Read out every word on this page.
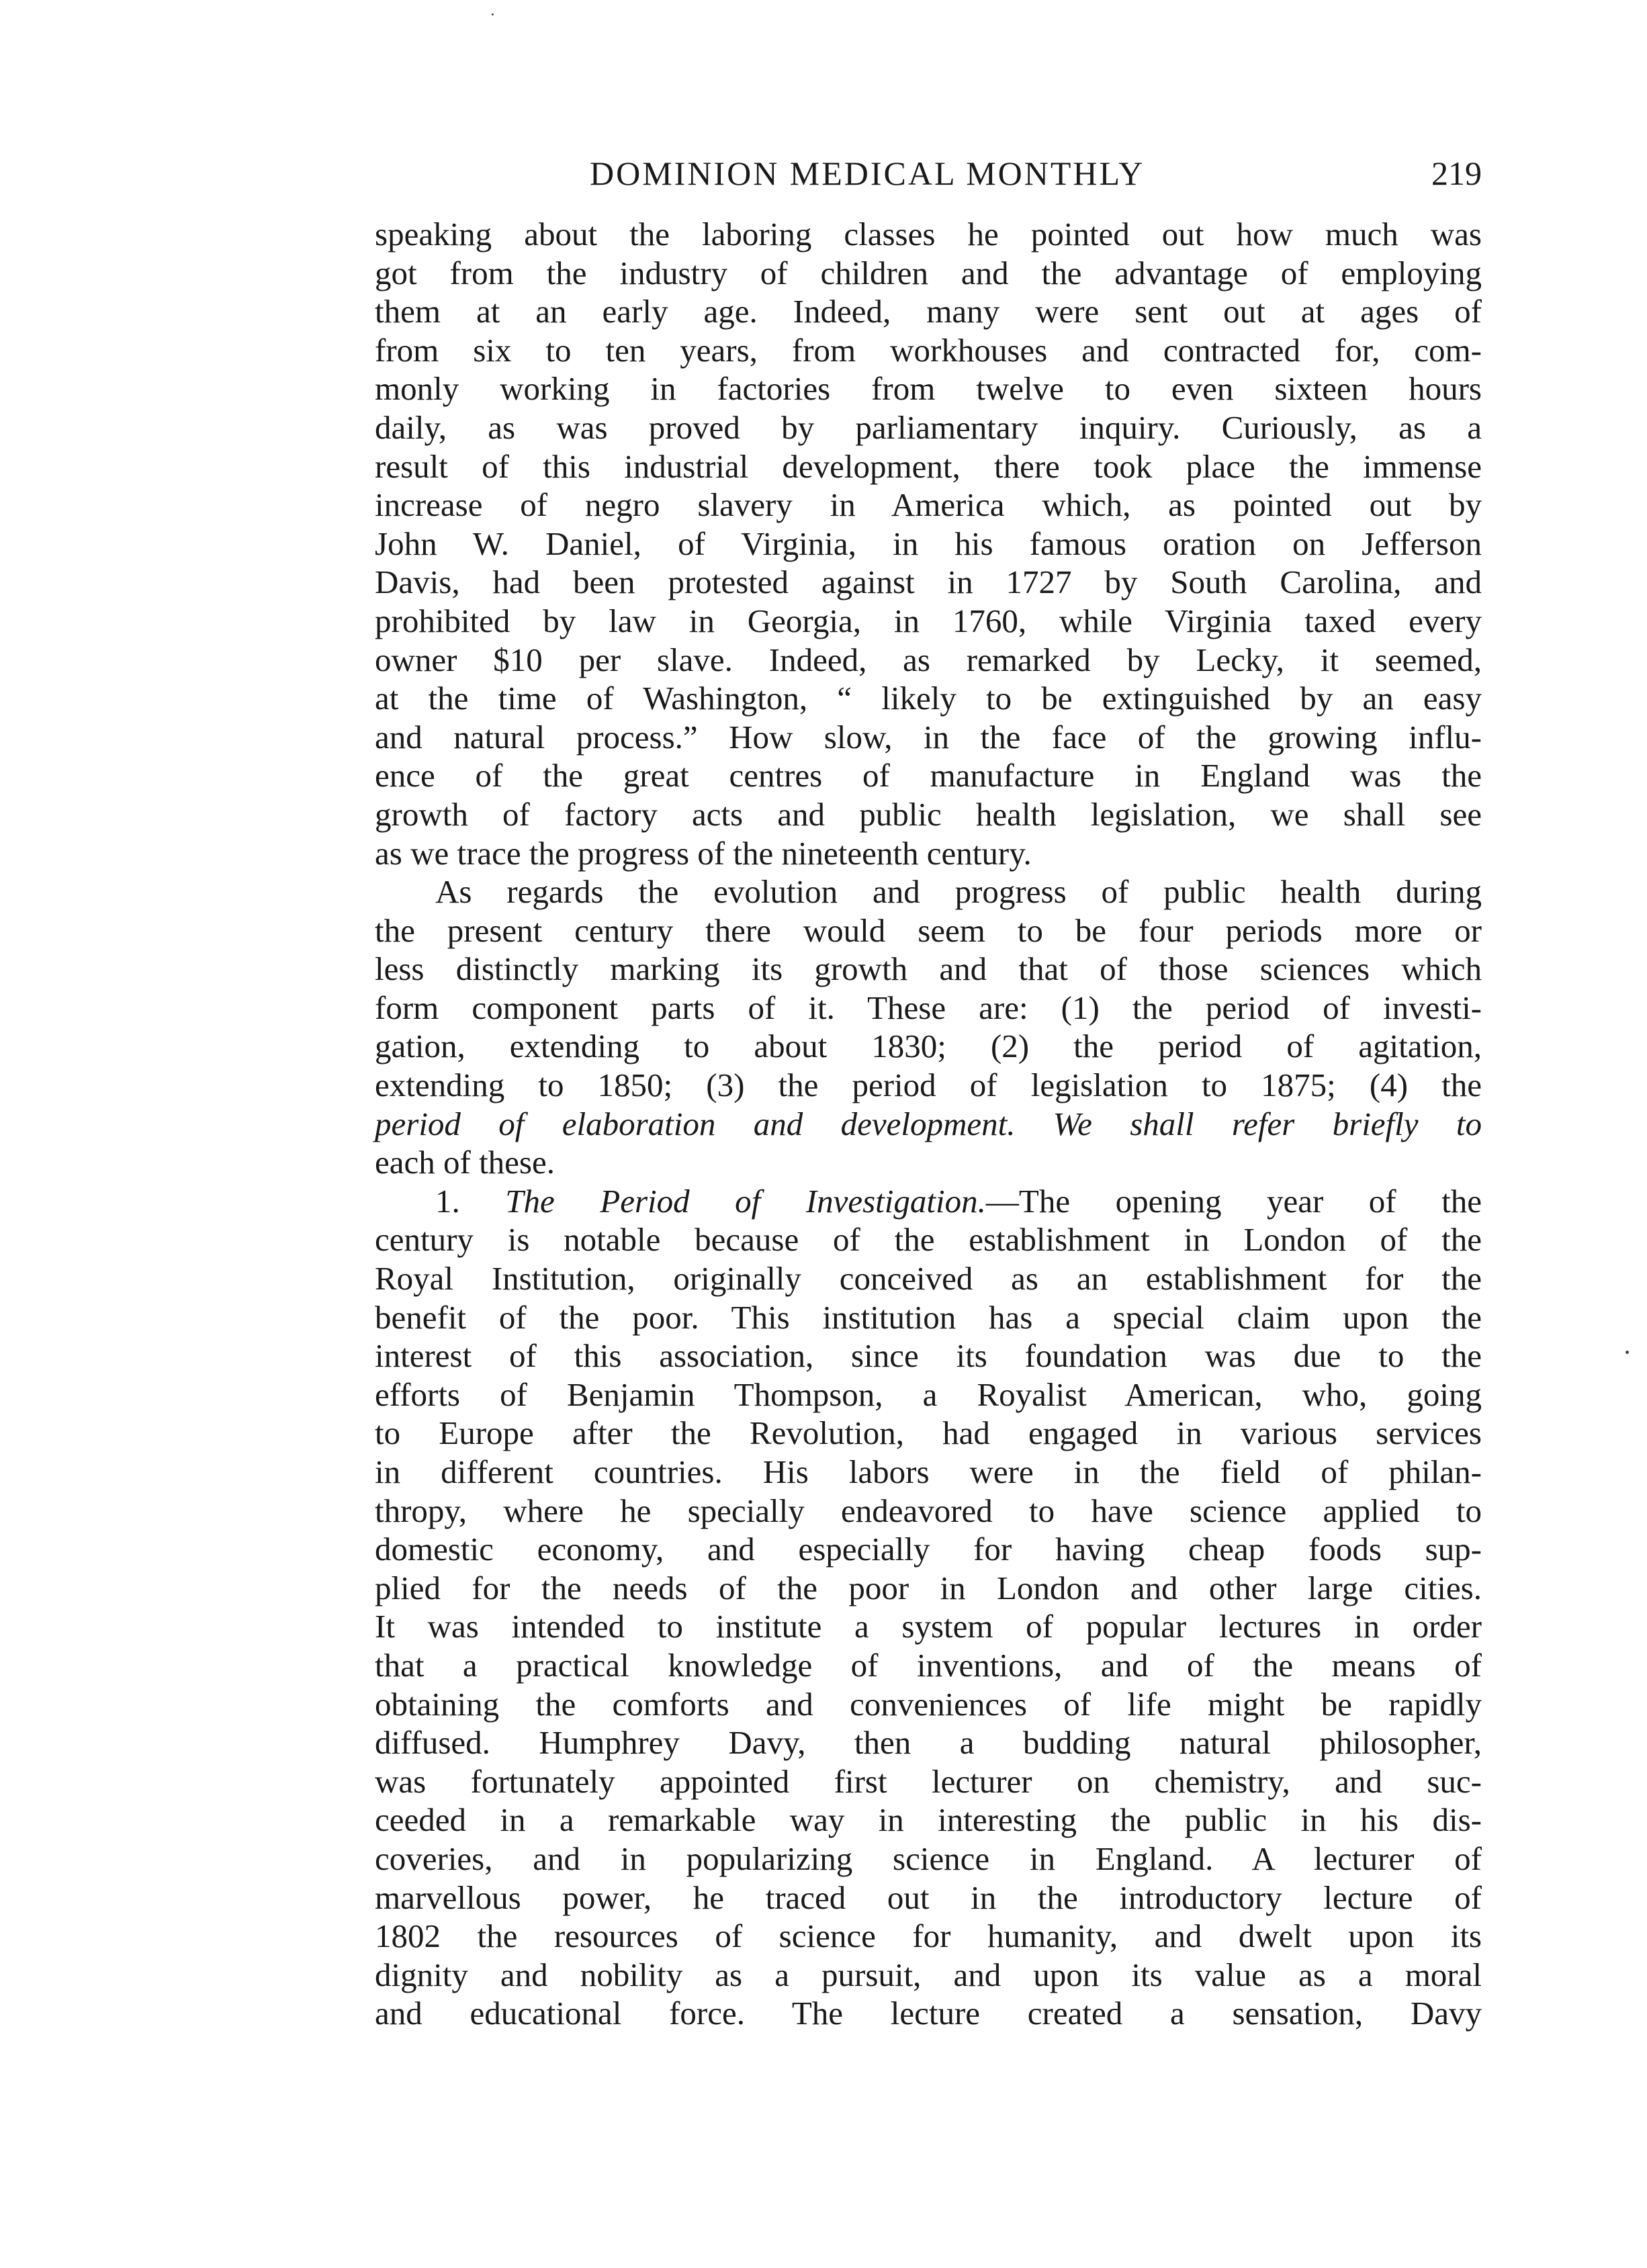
DOMINION MEDICAL MONTHLY	219
speaking about the laboring classes he pointed out how much was
got from the industry of children and the advantage of employing
them at an early age. Indeed, many were sent out at ages of
from six to ten years, from workhouses and contracted for, com-
monly working in factories from twelve to even sixteen hours
daily, as was proved by parliamentary inquiry. Curiously, as a
result of this industrial development, there took place the immense
increase of negro slavery in America which, as pointed out by
John W. Daniel, of Virginia, in his famous oration on Jefferson
Davis, had been protested against in 1727 by South Carolina, and
prohibited by law in Georgia, in 1760, while Virginia taxed every
owner $10 per slave. Indeed, as remarked by Lecky, it seemed,
at the time of Washington, “ likely to be extinguished by an easy
and natural process.” How slow, in the face of the growing influ-
ence of the great centres of manufacture in England was the
growth of factory acts and public health legislation, we shall see
as we trace the progress of the nineteenth century.
As regards the evolution and progress of public health during
the present century there would seem to be four periods more or
less distinctly marking its growth and that of those sciences which
form component parts of it. These are: (1) the period of investi-
gation, extending to about 1830; (2) the period of agitation,
extending to 1850; (3) the period of legislation to 1875; (4) the
period of elaboration and development. We shall refer briefly to
each of these.
1. The Period of Investigation.—The opening year of the
century is notable because of the establishment in London of the
Royal Institution, originally conceived as an establishment for the
benefit of the poor. This institution has a special claim upon the
interest of this association, since its foundation was due to the
efforts of Benjamin Thompson, a Royalist American, who, going
to Europe after the Revolution, had engaged in various services
in different countries. His labors were in the field of philan-
thropy, where he specially endeavored to have science applied to
domestic economy, and especially for having cheap foods sup-
plied for the needs of the poor in London and other large cities.
It was intended to institute a system of popular lectures in order
that a practical knowledge of inventions, and of the means of
obtaining the comforts and conveniences of life might be rapidly
diffused. Humphrey Davy, then a budding natural philosopher,
was fortunately appointed first lecturer on chemistry, and suc-
ceeded in a remarkable way in interesting the public in his dis-
coveries, and in popularizing science in England. A lecturer of
marvellous power, he traced out in the introductory lecture of
1802 the resources of science for humanity, and dwelt upon its
dignity and nobility as a pursuit, and upon its value as a moral
and educational force. The lecture created a sensation, Davy
